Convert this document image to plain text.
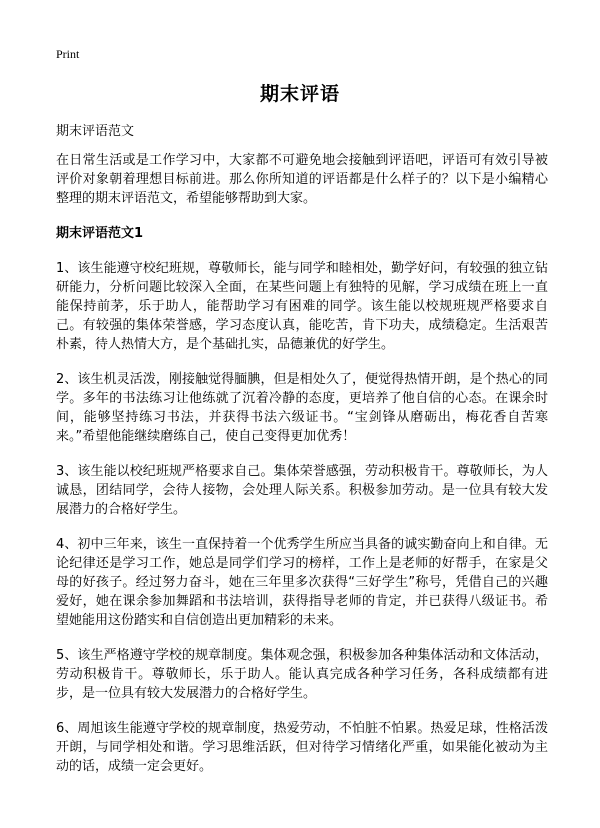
Print
期末评语
期末评语范文

在日常生活或是工作学习中，大家都不可避免地会接触到评语吧，评语可有效引导被评价对象朝着理想目标前进。那么你所知道的评语都是什么样子的？以下是小编精心整理的期末评语范文，希望能够帮助到大家。

期末评语范文1

1、该生能遵守校纪班规，尊敬师长，能与同学和睦相处，勤学好问，有较强的独立钻研能力，分析问题比较深入全面，在某些问题上有独特的见解，学习成绩在班上一直能保持前茅，乐于助人，能帮助学习有困难的同学。该生能以校规班规严格要求自己。有较强的集体荣誉感，学习态度认真，能吃苦，肯下功夫，成绩稳定。生活艰苦朴素，待人热情大方，是个基础扎实，品德兼优的好学生。

2、该生机灵活泼，刚接触觉得腼腆，但是相处久了，便觉得热情开朗，是个热心的同学。多年的书法练习让他练就了沉着冷静的态度，更培养了他自信的心态。在课余时间，能够坚持练习书法，并获得书法六级证书。“宝剑锋从磨砺出，梅花香自苦寒来。”希望他能继续磨练自己，使自己变得更加优秀！

3、该生能以校纪班规严格要求自己。集体荣誉感强，劳动积极肯干。尊敬师长，为人诚恳，团结同学，会待人接物，会处理人际关系。积极参加劳动。是一位具有较大发展潜力的合格好学生。

4、初中三年来，该生一直保持着一个优秀学生所应当具备的诚实勤奋向上和自律。无论纪律还是学习工作，她总是同学们学习的榜样，工作上是老师的好帮手，在家是父母的好孩子。经过努力奋斗，她在三年里多次获得“三好学生”称号，凭借自己的兴趣爱好，她在课余参加舞蹈和书法培训，获得指导老师的肯定，并已获得八级证书。希望她能用这份踏实和自信创造出更加精彩的未来。

5、该生严格遵守学校的规章制度。集体观念强，积极参加各种集体活动和文体活动，劳动积极肯干。尊敬师长，乐于助人。能认真完成各种学习任务，各科成绩都有进步，是一位具有较大发展潜力的合格好学生。

6、周旭该生能遵守学校的规章制度，热爱劳动，不怕脏不怕累。热爱足球，性格活泼开朗，与同学相处和谐。学习思维活跃，但对待学习情绪化严重，如果能化被动为主动的话，成绩一定会更好。
